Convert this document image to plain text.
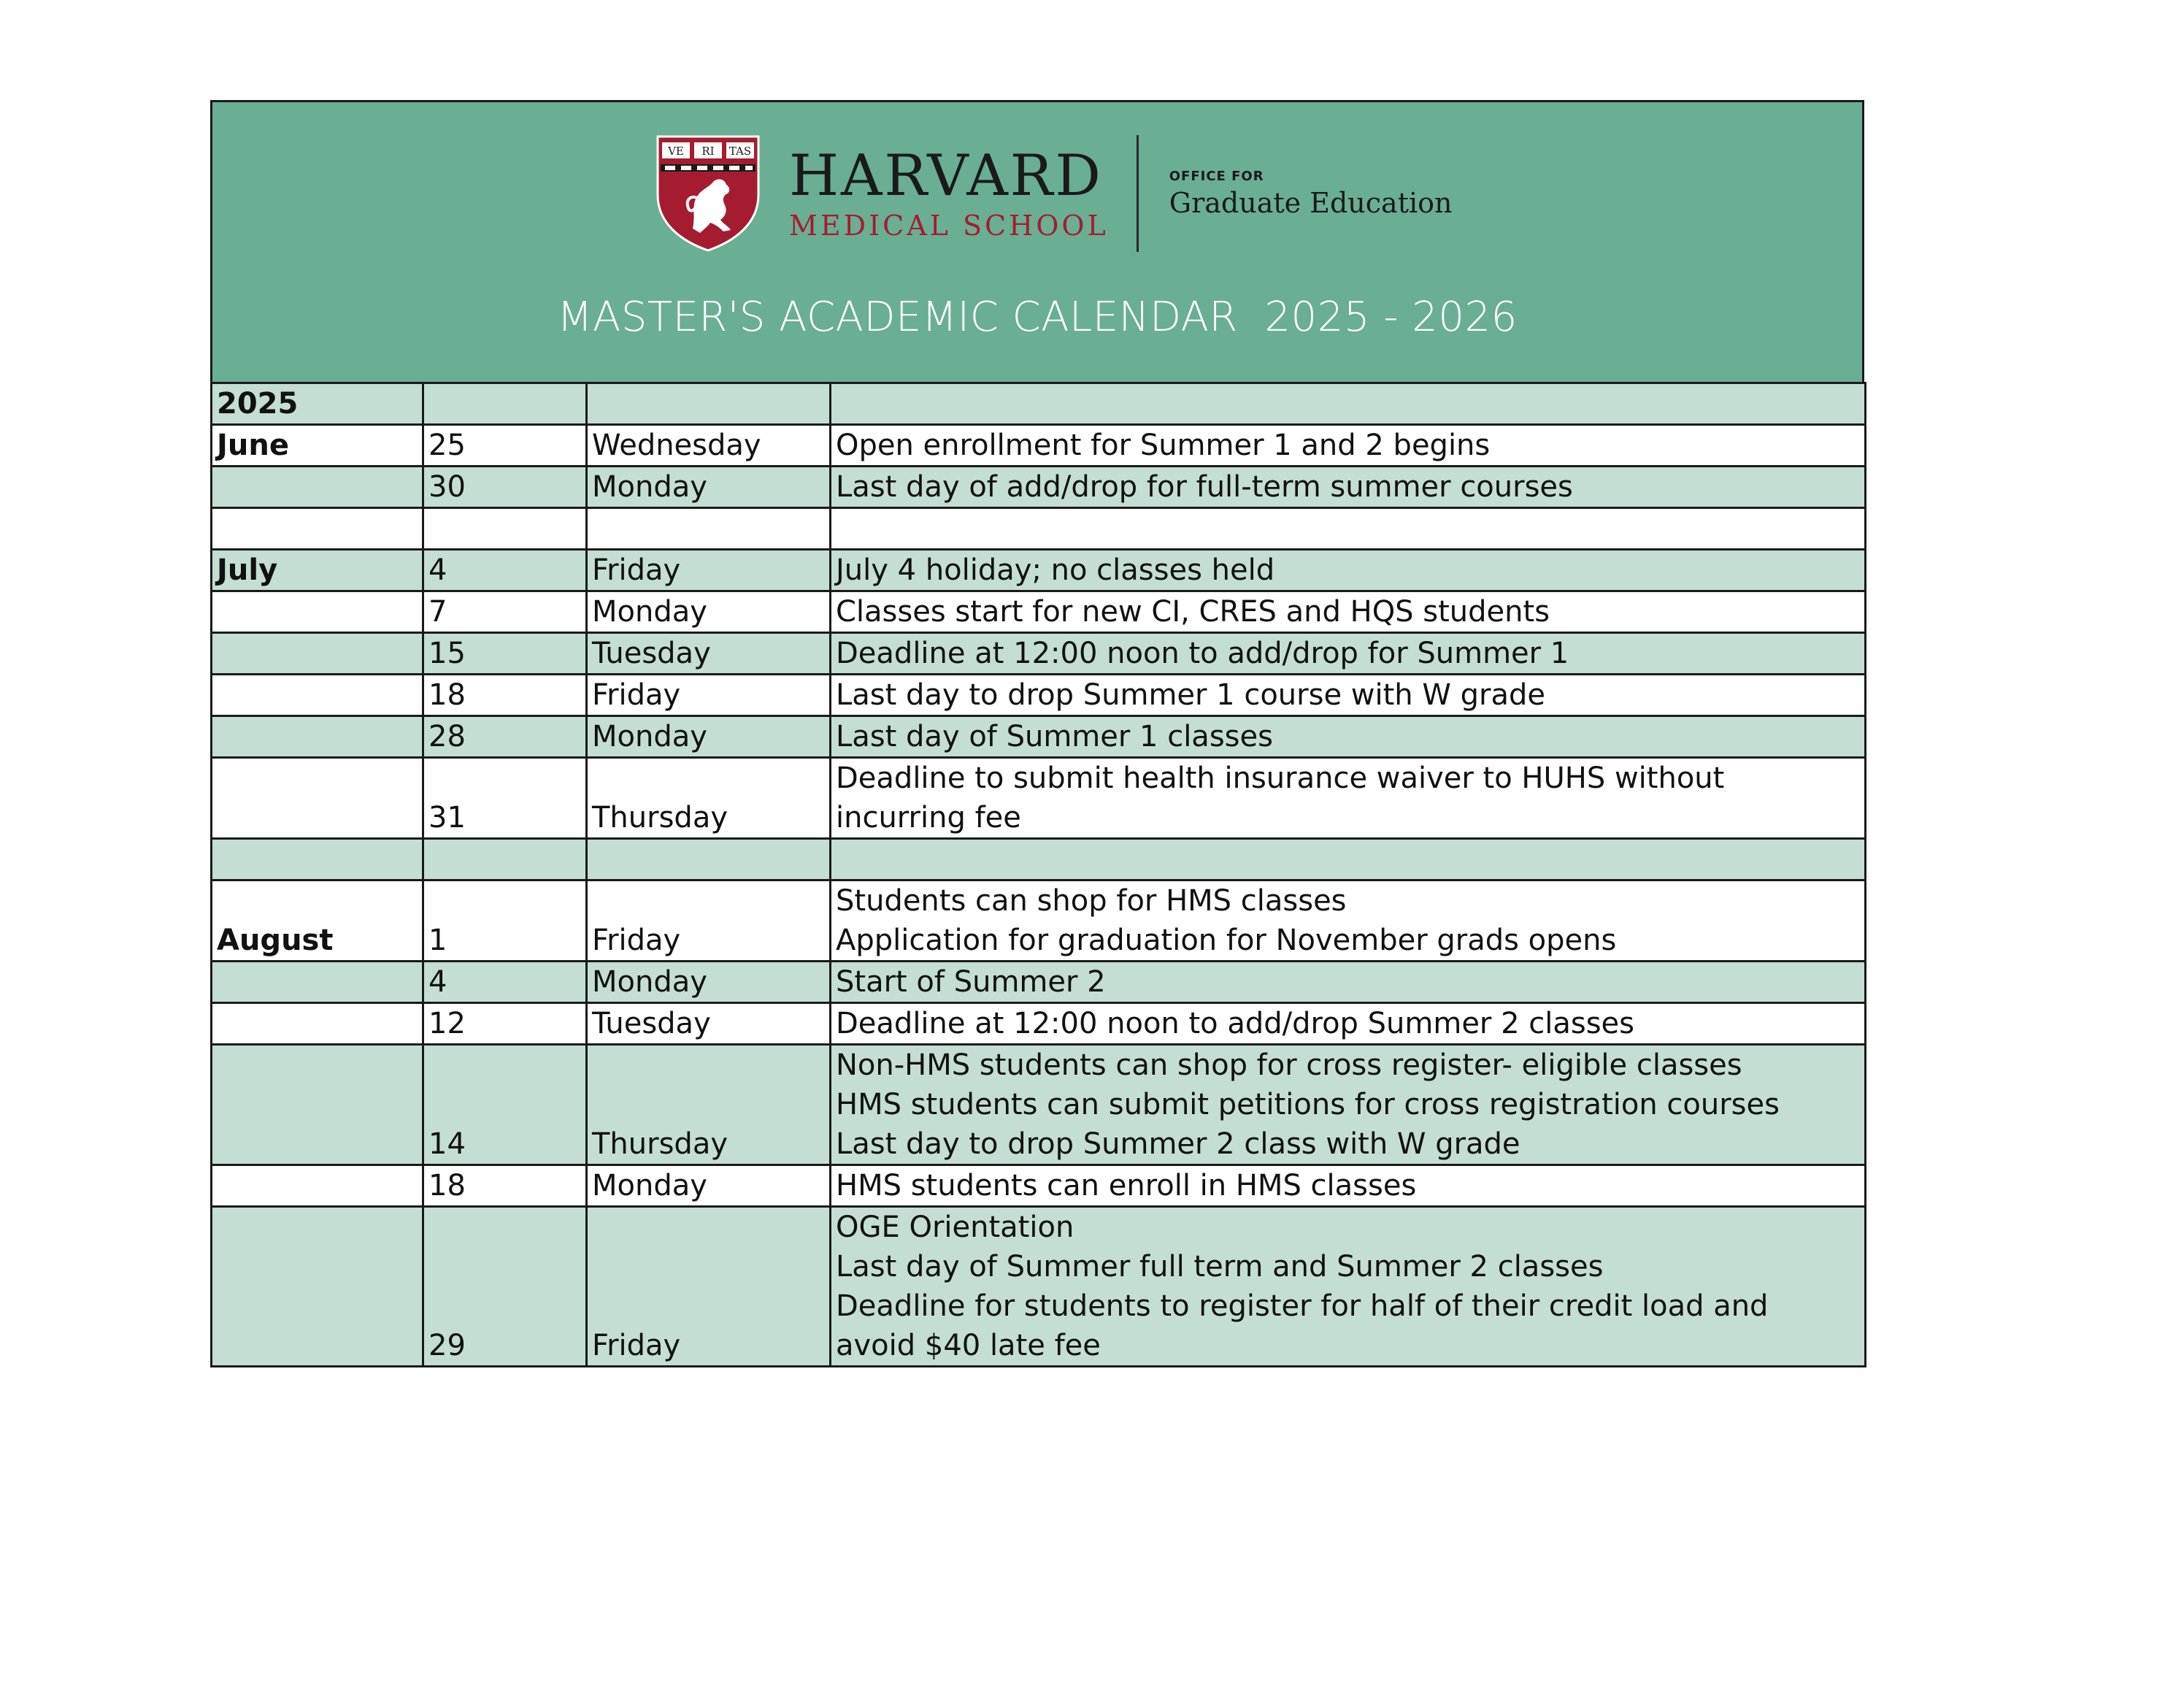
VE RI TAS HARVARD
MEDICAL SCHOOL
OFFICE FOR
Graduate Education
MASTER'S ACADEMIC CALENDAR  2025 - 2026
2025			

June	25	Wednesday	Open enrollment for Summer 1 and 2 begins

	30	Monday	Last day of add/drop for full-term summer courses

July	4	Friday	July 4 holiday; no classes held

	7	Monday	Classes start for new CI, CRES and HQS students

	15	Tuesday	Deadline at 12:00 noon to add/drop for Summer 1

	18	Friday	Last day to drop Summer 1 course with W grade

	28	Monday	Last day of Summer 1 classes

	31	Thursday	Deadline to submit health insurance waiver to HUHS without
incurring fee

August	1	Friday	Students can shop for HMS classes
Application for graduation for November grads opens

	4	Monday	Start of Summer 2

	12	Tuesday	Deadline at 12:00 noon to add/drop Summer 2 classes

	14	Thursday	Non-HMS students can shop for cross register- eligible classes
HMS students can submit petitions for cross registration courses
Last day to drop Summer 2 class with W grade

	18	Monday	HMS students can enroll in HMS classes

	29	Friday	OGE Orientation
Last day of Summer full term and Summer 2 classes
Deadline for students to register for half of their credit load and
avoid $40 late fee
